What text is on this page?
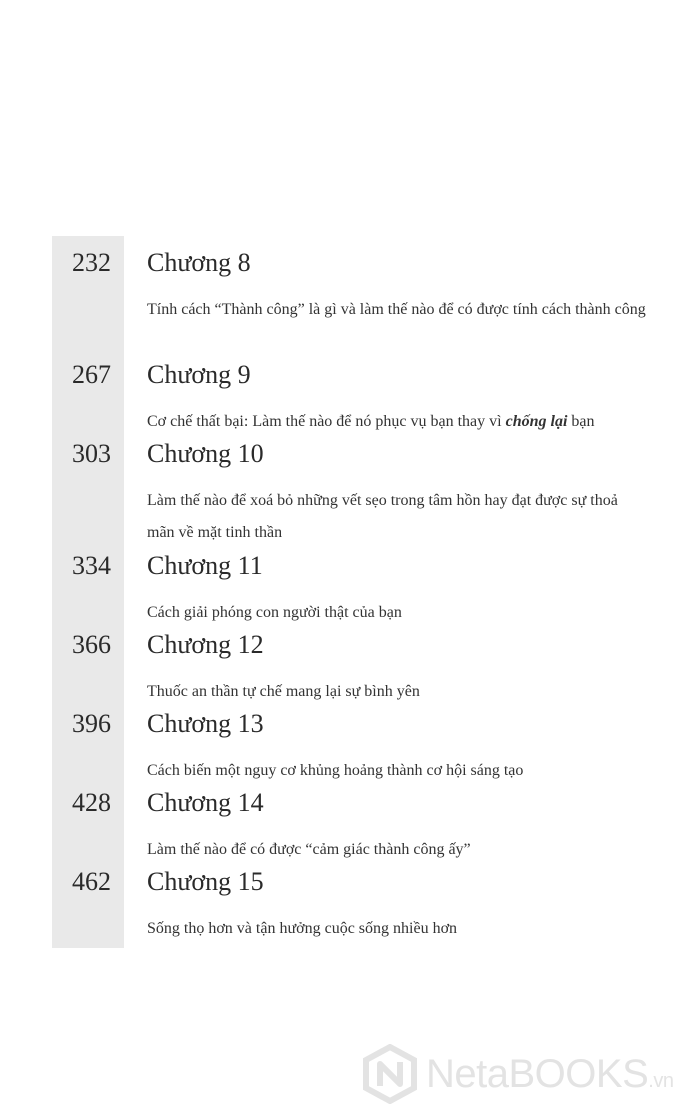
232 Chương 8
Tính cách “Thành công” là gì và làm thế nào để có được tính cách thành công
267 Chương 9
Cơ chế thất bại: Làm thế nào để nó phục vụ bạn thay vì chống lại bạn
303 Chương 10
Làm thế nào để xoá bỏ những vết sẹo trong tâm hồn hay đạt được sự thoả mãn về mặt tinh thần
334 Chương 11
Cách giải phóng con người thật của bạn
366 Chương 12
Thuốc an thần tự chế mang lại sự bình yên
396 Chương 13
Cách biến một nguy cơ khủng hoảng thành cơ hội sáng tạo
428 Chương 14
Làm thế nào để có được “cảm giác thành công ấy”
462 Chương 15
Sống thọ hơn và tận hưởng cuộc sống nhiều hơn
NetaBOOKS.vn
